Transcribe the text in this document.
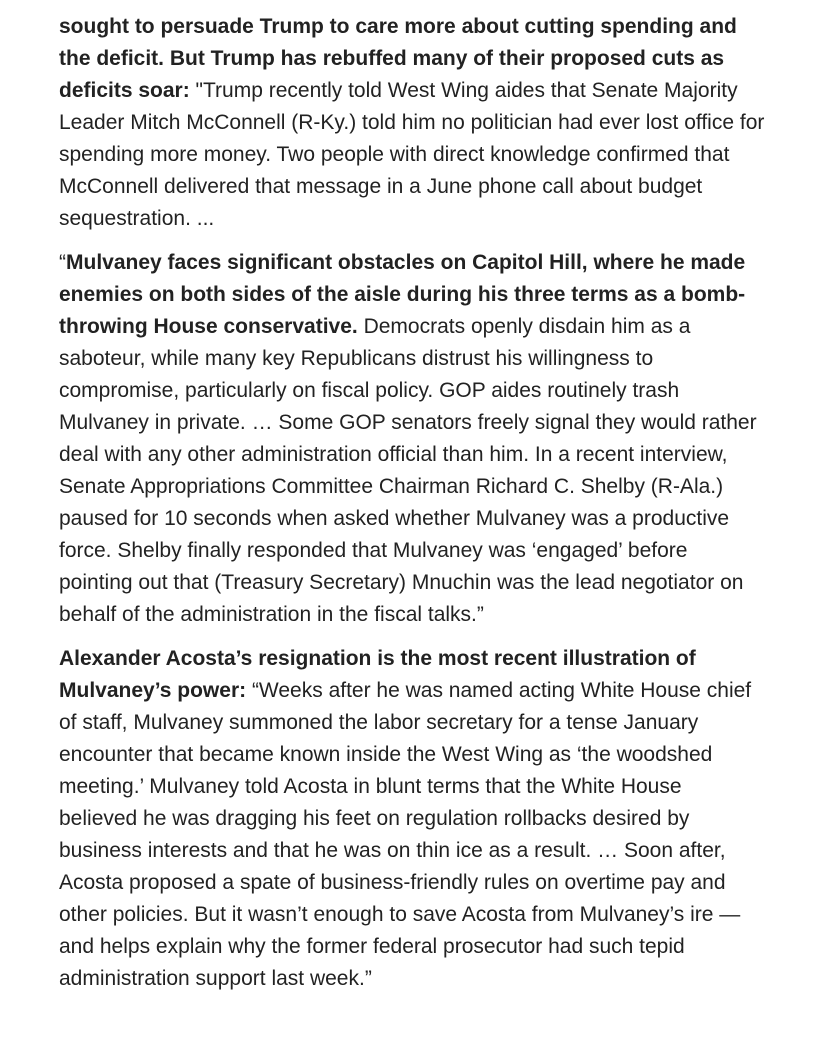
sought to persuade Trump to care more about cutting spending and the deficit. But Trump has rebuffed many of their proposed cuts as deficits soar: "Trump recently told West Wing aides that Senate Majority Leader Mitch McConnell (R-Ky.) told him no politician had ever lost office for spending more money. Two people with direct knowledge confirmed that McConnell delivered that message in a June phone call about budget sequestration. ...

“Mulvaney faces significant obstacles on Capitol Hill, where he made enemies on both sides of the aisle during his three terms as a bomb-throwing House conservative. Democrats openly disdain him as a saboteur, while many key Republicans distrust his willingness to compromise, particularly on fiscal policy. GOP aides routinely trash Mulvaney in private. … Some GOP senators freely signal they would rather deal with any other administration official than him. In a recent interview, Senate Appropriations Committee Chairman Richard C. Shelby (R-Ala.) paused for 10 seconds when asked whether Mulvaney was a productive force. Shelby finally responded that Mulvaney was ‘engaged’ before pointing out that (Treasury Secretary) Mnuchin was the lead negotiator on behalf of the administration in the fiscal talks.”

Alexander Acosta’s resignation is the most recent illustration of Mulvaney’s power: “Weeks after he was named acting White House chief of staff, Mulvaney summoned the labor secretary for a tense January encounter that became known inside the West Wing as ‘the woodshed meeting.’ Mulvaney told Acosta in blunt terms that the White House believed he was dragging his feet on regulation rollbacks desired by business interests and that he was on thin ice as a result. … Soon after, Acosta proposed a spate of business-friendly rules on overtime pay and other policies. But it wasn’t enough to save Acosta from Mulvaney’s ire — and helps explain why the former federal prosecutor had such tepid administration support last week.”
